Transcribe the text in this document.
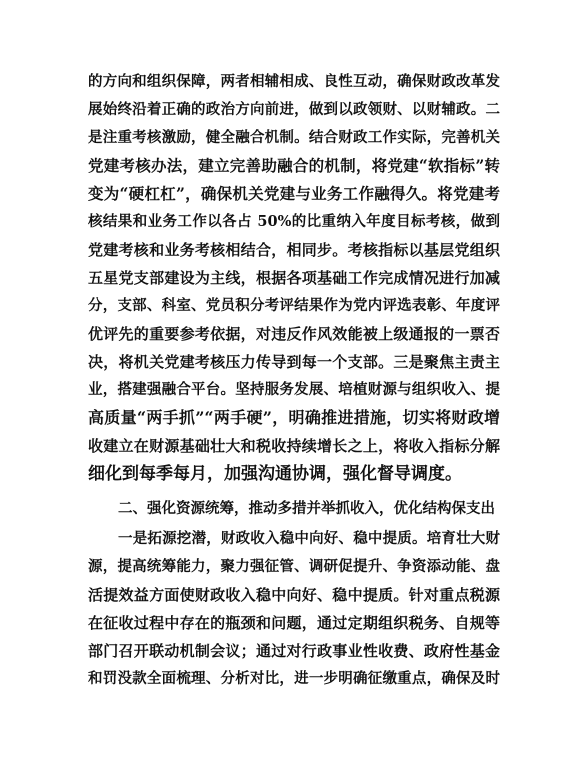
的方向和组织保障，两者相辅相成、良性互动，确保财政改革发
展始终沿着正确的政治方向前进，做到以政领财、以财辅政。二
是注重考核激励，健全融合机制。结合财政工作实际，完善机关
党建考核办法，建立完善助融合的机制，将党建“软指标”转
变为“硬杠杠”，确保机关党建与业务工作融得久。将党建考
核结果和业务工作以各占 50%的比重纳入年度目标考核，做到
党建考核和业务考核相结合，相同步。考核指标以基层党组织
五星党支部建设为主线，根据各项基础工作完成情况进行加减
分，支部、科室、党员积分考评结果作为党内评选表彰、年度评
优评先的重要参考依据，对违反作风效能被上级通报的一票否
决，将机关党建考核压力传导到每一个支部。三是聚焦主责主
业，搭建强融合平台。坚持服务发展、培植财源与组织收入、提
高质量“两手抓”“两手硬”，明确推进措施，切实将财政增
收建立在财源基础壮大和税收持续增长之上，将收入指标分解
细化到每季每月，加强沟通协调，强化督导调度。
二、强化资源统筹，推动多措并举抓收入，优化结构保支出
一是拓源挖潜，财政收入稳中向好、稳中提质。培育壮大财
源，提高统筹能力，聚力强征管、调研促提升、争资添动能、盘
活提效益方面使财政收入稳中向好、稳中提质。针对重点税源
在征收过程中存在的瓶颈和问题，通过定期组织税务、自规等
部门召开联动机制会议；通过对行政事业性收费、政府性基金
和罚没款全面梳理、分析对比，进一步明确征缴重点，确保及时
